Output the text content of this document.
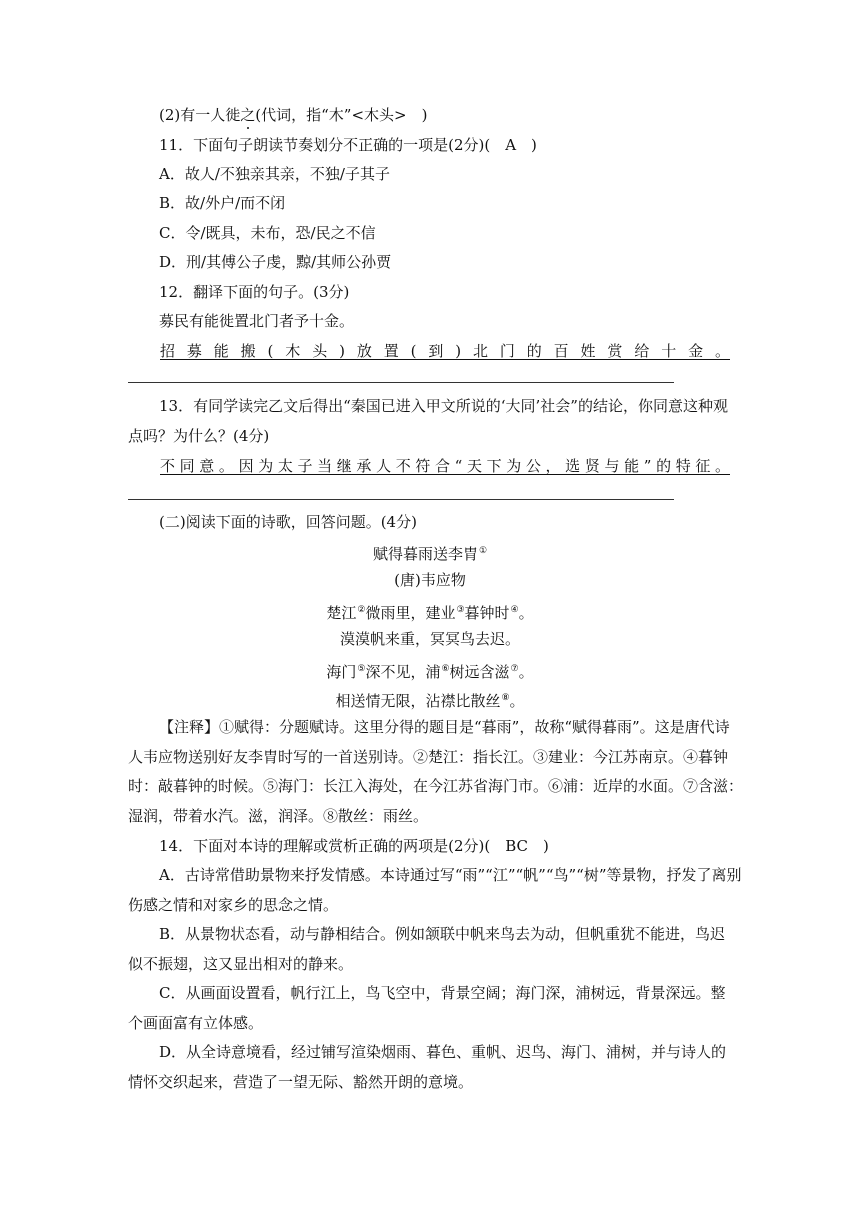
(2)有一人徙之(代词，指“木”<木头>　)
11．下面句子朗读节奏划分不正确的一项是(2分)(　A　)
A．故人/不独亲其亲，不独/子其子
B．故/外户/而不闭
C．令/既具，未布，恐/民之不信
D．刑/其傅公子虔，黥/其师公孙贾
12．翻译下面的句子。(3分)
募民有能徙置北门者予十金。
招募能搬(木头)放置(到)北门的百姓赏给十金。
13．有同学读完乙文后得出“秦国已进入甲文所说的‘大同’社会”的结论，你同意这种观
点吗？为什么？(4分)
不同意。因为太子当继承人不符合“天下为公，选贤与能”的特征。
(二)阅读下面的诗歌，回答问题。(4分)
赋得暮雨送李胄①
(唐)韦应物
楚江②微雨里，建业③暮钟时④。
漠漠帆来重，冥冥鸟去迟。
海门⑤深不见，浦⑥树远含滋⑦。
相送情无限，沾襟比散丝⑧。
【注释】①赋得：分题赋诗。这里分得的题目是“暮雨”，故称“赋得暮雨”。这是唐代诗
人韦应物送别好友李胄时写的一首送别诗。②楚江：指长江。③建业：今江苏南京。④暮钟
时：敲暮钟的时候。⑤海门：长江入海处，在今江苏省海门市。⑥浦：近岸的水面。⑦含滋：
湿润，带着水汽。滋，润泽。⑧散丝：雨丝。
14．下面对本诗的理解或赏析正确的两项是(2分)(　BC　)
A．古诗常借助景物来抒发情感。本诗通过写“雨”“江”“帆”“鸟”“树”等景物，抒发了离别
伤感之情和对家乡的思念之情。
B．从景物状态看，动与静相结合。例如颔联中帆来鸟去为动，但帆重犹不能进，鸟迟
似不振翅，这又显出相对的静来。
C．从画面设置看，帆行江上，鸟飞空中，背景空阔；海门深，浦树远，背景深远。整
个画面富有立体感。
D．从全诗意境看，经过铺写渲染烟雨、暮色、重帆、迟鸟、海门、浦树，并与诗人的
情怀交织起来，营造了一望无际、豁然开朗的意境。
